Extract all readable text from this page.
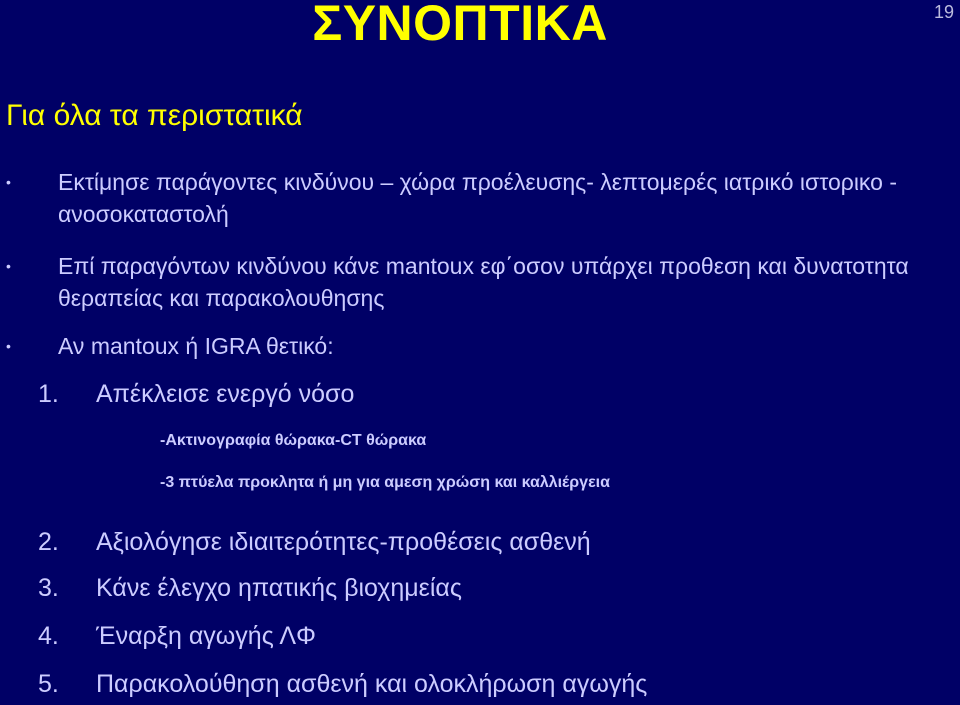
ΣΥΝΟΠΤΙΚΑ	19
Για όλα τα περιστατικά
• Εκτίμησε παράγοντες κινδύνου – χώρα προέλευσης- λεπτομερές ιατρικό ιστορικο - ανοσοκαταστολή
• Επί παραγόντων κινδύνου κάνε mantoux εφ΄οσον υπάρχει προθεση και δυνατοτητα θεραπείας και παρακολουθησης
• Αν mantoux ή IGRA θετικό:
1. Απέκλεισε ενεργό νόσο
-Ακτινογραφία θώρακα-CT θώρακα
-3 πτύελα προκλητα ή μη για αμεση χρώση και καλλιέργεια
2. Αξιολόγησε ιδιαιτερότητες-προθέσεις ασθενή
3. Κάνε έλεγχο ηπατικής βιοχημείας
4. Έναρξη αγωγής ΛΦ
5. Παρακολούθηση ασθενή και ολοκλήρωση αγωγής
